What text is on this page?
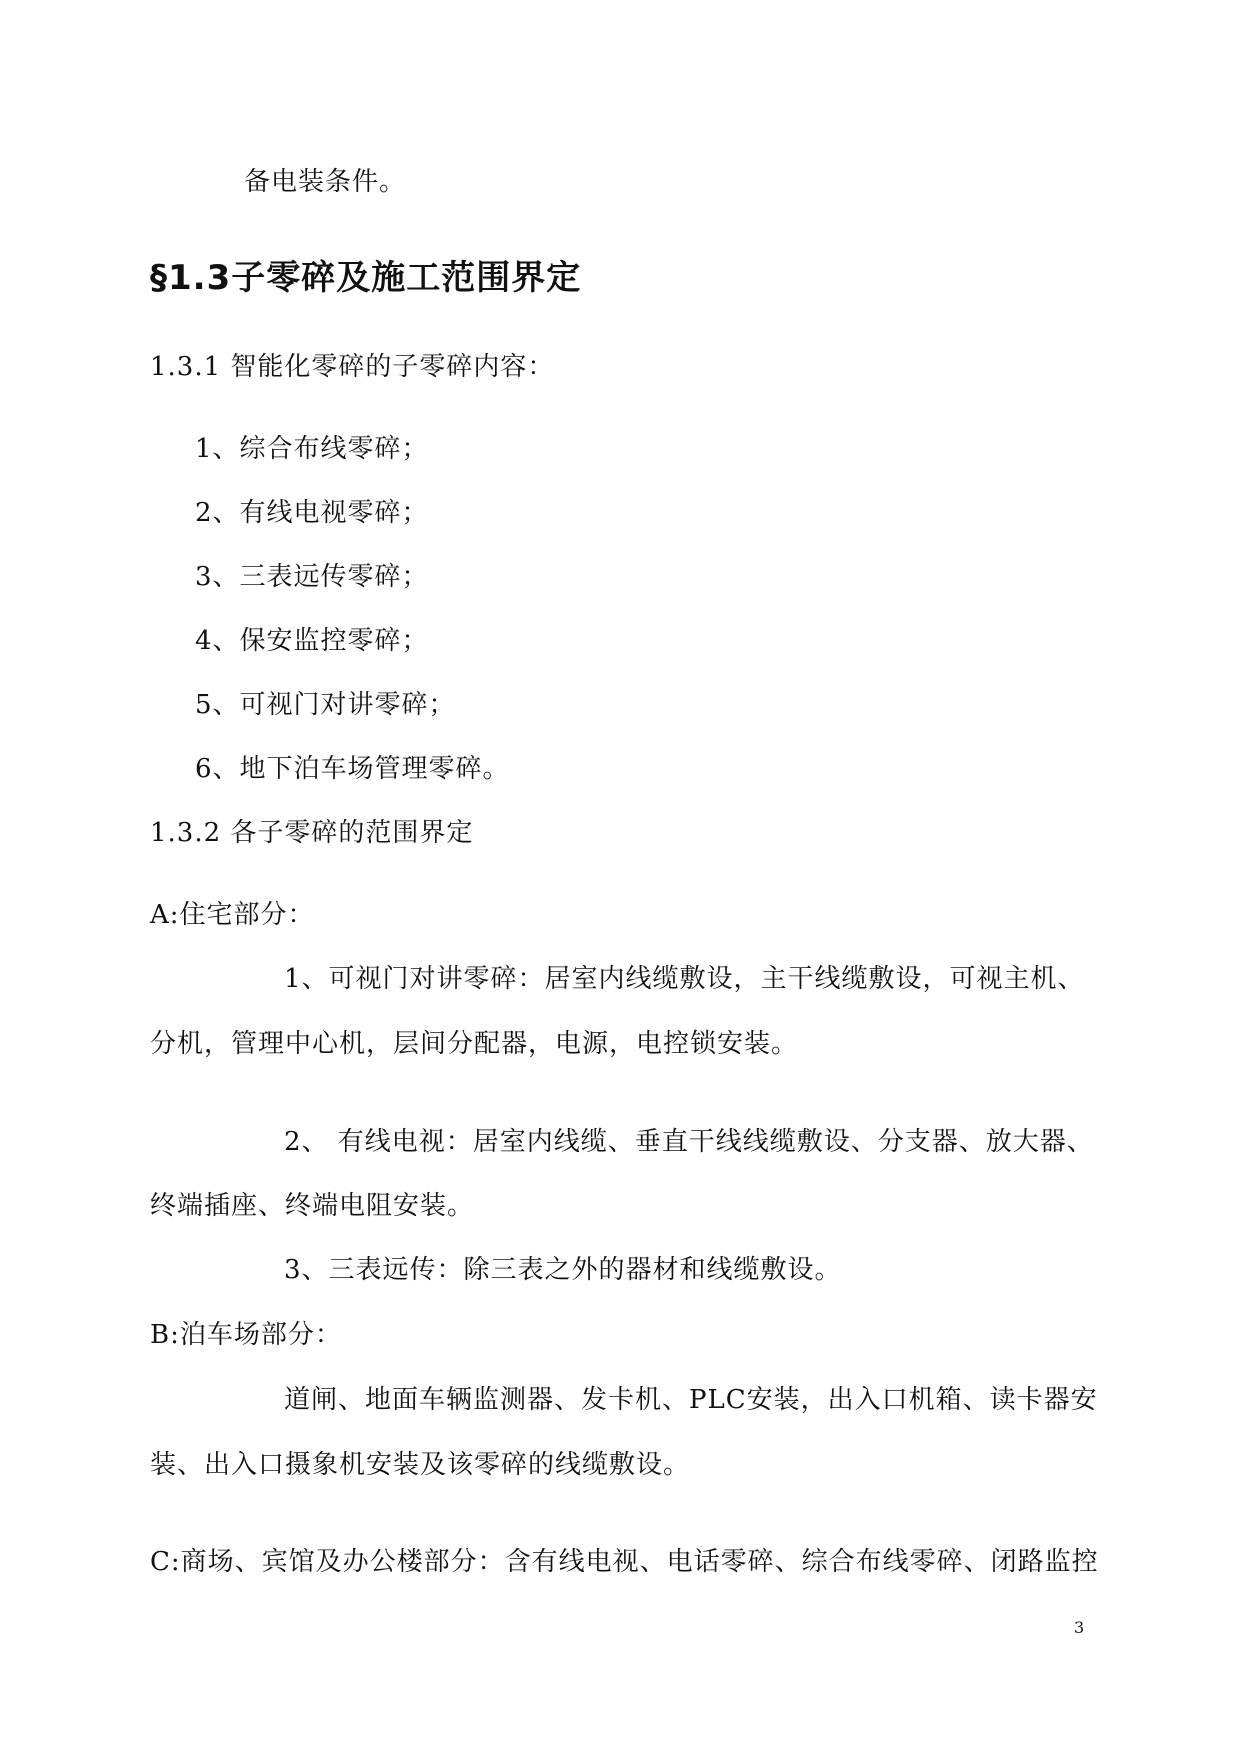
备电装条件。
§1.3子零碎及施工范围界定
1.3.1 智能化零碎的子零碎内容：
1、综合布线零碎；
2、有线电视零碎；
3、三表远传零碎；
4、保安监控零碎；
5、可视门对讲零碎；
6、地下泊车场管理零碎。
1.3.2 各子零碎的范围界定
A:住宅部分：
1、可视门对讲零碎：居室内线缆敷设，主干线缆敷设，可视主机、
分机，管理中心机，层间分配器，电源，电控锁安装。
2、 有线电视：居室内线缆、垂直干线线缆敷设、分支器、放大器、
终端插座、终端电阻安装。
3、三表远传：除三表之外的器材和线缆敷设。
B:泊车场部分：
道闸、地面车辆监测器、发卡机、PLC安装，出入口机箱、读卡器安
装、出入口摄象机安装及该零碎的线缆敷设。
C:商场、宾馆及办公楼部分：含有线电视、电话零碎、综合布线零碎、闭路监控
3
